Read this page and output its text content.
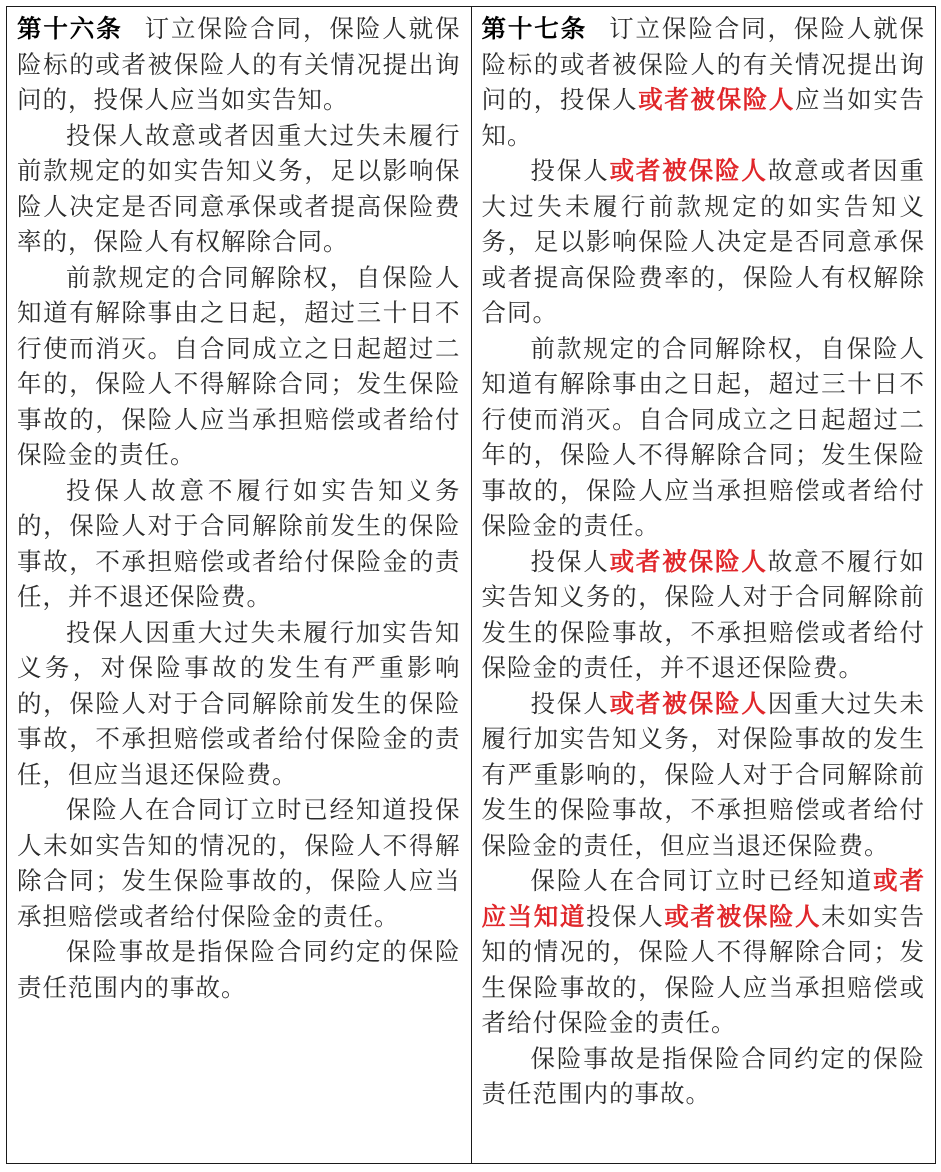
第十六条 订立保险合同，保险人就保险标的或者被保险人的有关情况提出询问的，投保人应当如实告知。

投保人故意或者因重大过失未履行前款规定的如实告知义务，足以影响保险人决定是否同意承保或者提高保险费率的，保险人有权解除合同。

前款规定的合同解除权，自保险人知道有解除事由之日起，超过三十日不行使而消灭。自合同成立之日起超过二年的，保险人不得解除合同；发生保险事故的，保险人应当承担赔偿或者给付保险金的责任。

投保人故意不履行如实告知义务的，保险人对于合同解除前发生的保险事故，不承担赔偿或者给付保险金的责任，并不退还保险费。

投保人因重大过失未履行加实告知义务，对保险事故的发生有严重影响的，保险人对于合同解除前发生的保险事故，不承担赔偿或者给付保险金的责任，但应当退还保险费。

保险人在合同订立时已经知道投保人未如实告知的情况的，保险人不得解除合同；发生保险事故的，保险人应当承担赔偿或者给付保险金的责任。

保险事故是指保险合同约定的保险责任范围内的事故。

第十七条 订立保险合同，保险人就保险标的或者被保险人的有关情况提出询问的，投保人或者被保险人应当如实告知。

投保人或者被保险人故意或者因重大过失未履行前款规定的如实告知义务，足以影响保险人决定是否同意承保或者提高保险费率的，保险人有权解除合同。

前款规定的合同解除权，自保险人知道有解除事由之日起，超过三十日不行使而消灭。自合同成立之日起超过二年的，保险人不得解除合同；发生保险事故的，保险人应当承担赔偿或者给付保险金的责任。

投保人或者被保险人故意不履行如实告知义务的，保险人对于合同解除前发生的保险事故，不承担赔偿或者给付保险金的责任，并不退还保险费。

投保人或者被保险人因重大过失未履行加实告知义务，对保险事故的发生有严重影响的，保险人对于合同解除前发生的保险事故，不承担赔偿或者给付保险金的责任，但应当退还保险费。

保险人在合同订立时已经知道或者应当知道投保人或者被保险人未如实告知的情况的，保险人不得解除合同；发生保险事故的，保险人应当承担赔偿或者给付保险金的责任。

保险事故是指保险合同约定的保险责任范围内的事故。
